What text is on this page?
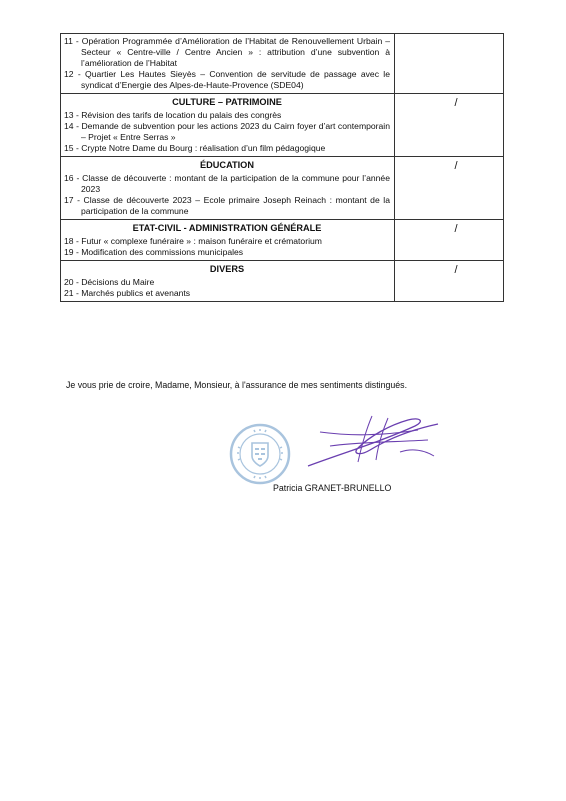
11 - Opération Programmée d’Amélioration de l’Habitat de Renouvellement Urbain – Secteur « Centre-ville / Centre Ancien » : attribution d’une subvention à l’amélioration de l’Habitat

12 - Quartier Les Hautes Sieyès – Convention de servitude de passage avec le syndicat d’Energie des Alpes-de-Haute-Provence (SDE04)	

CULTURE – PATRIMOINE

13 - Révision des tarifs de location du palais des congrès

14 - Demande de subvention pour les actions 2023 du Cairn foyer d’art contemporain – Projet « Entre Serras »

15 - Crypte Notre Dame du Bourg : réalisation d’un film pédagogique	/

ÉDUCATION

16 - Classe de découverte : montant de la participation de la commune pour l’année 2023

17 - Classe de découverte 2023 – Ecole primaire Joseph Reinach : montant de la participation de la commune	/

ETAT-CIVIL - ADMINISTRATION GÉNÉRALE

18 - Futur « complexe funéraire » : maison funéraire et crématorium

19 - Modification des commissions municipales	/

DIVERS

20 - Décisions du Maire

21 - Marchés publics et avenants	/
Je vous prie de croire, Madame, Monsieur, à l'assurance de mes sentiments distingués.
Patricia GRANET-BRUNELLO
